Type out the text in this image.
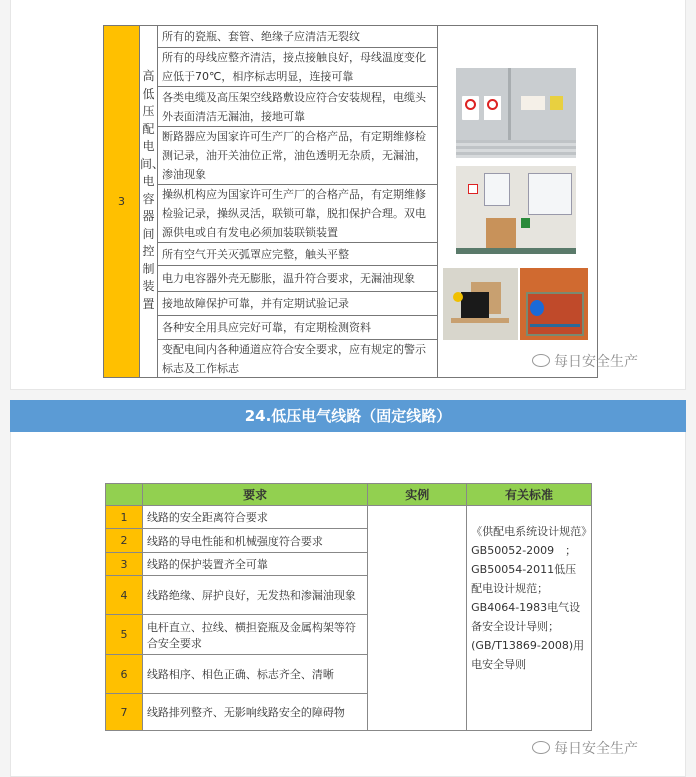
3
高低压配电间、电容器间控制装置
所有的瓷瓶、套管、绝缘子应清洁无裂纹
所有的母线应整齐清洁，接点接触良好，母线温度变化应低于70℃，相序标志明显，连接可靠
各类电缆及高压架空线路敷设应符合安装规程，电缆头外表面清洁无漏油，接地可靠
断路器应为国家许可生产厂的合格产品，有定期维修检测记录，油开关油位正常，油色透明无杂质，无漏油，渗油现象
操纵机构应为国家许可生产厂的合格产品，有定期维修检验记录，操纵灵活，联锁可靠，脱扣保护合理。双电源供电或自有发电必须加装联锁装置
所有空气开关灭弧罩应完整，触头平整
电力电容器外壳无膨胀，温升符合要求，无漏油现象
接地故障保护可靠，并有定期试验记录
各种安全用具应完好可靠，有定期检测资料
变配电间内各种通道应符合安全要求，应有规定的警示标志及工作标志	每日安全生产
24.低压电气线路（固定线路）
	要求	实例	有关标准
1	线路的安全距离符合要求		《供配电系统设计规范》GB50052-2009　；GB50054-2011低压配电设计规范；GB4064-1983电气设备安全设计导则；(GB/T13869-2008)用电安全导则
2	线路的导电性能和机械强度符合要求		
3	线路的保护装置齐全可靠		
4	线路绝缘、屏护良好，无发热和渗漏油现象		
5	电杆直立、拉线、横担瓷瓶及金属构架等符合安全要求		
6	线路相序、相色正确、标志齐全、清晰		
7	线路排列整齐、无影响线路安全的障碍物		
每日安全生产
